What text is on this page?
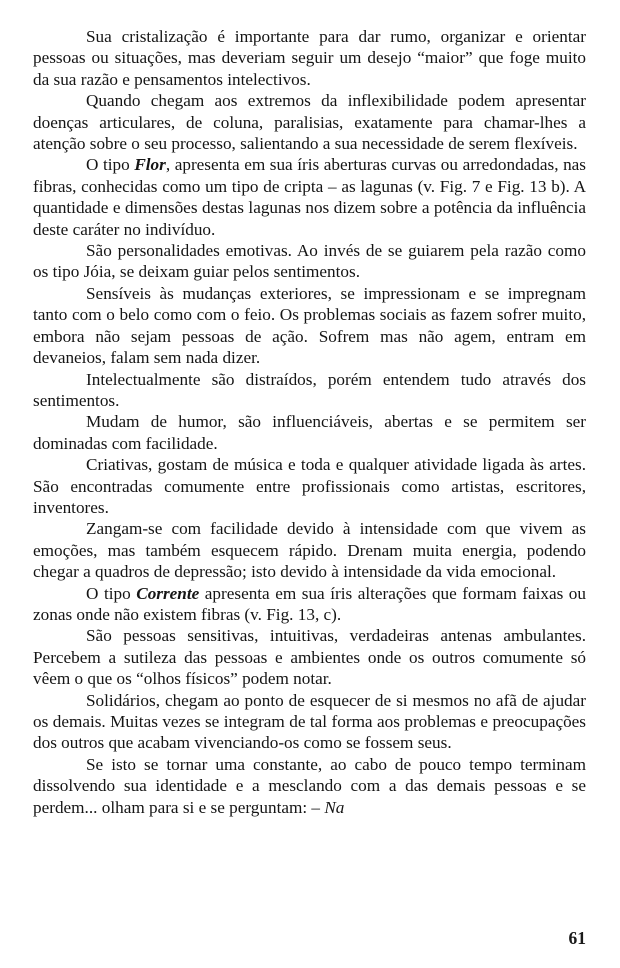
Sua cristalização é importante para dar rumo, organizar e orientar pessoas ou situações, mas deveriam seguir um desejo “maior” que foge muito da sua razão e pensamentos intelectivos.

Quando chegam aos extremos da inflexibilidade podem apresentar doenças articulares, de coluna, paralisias, exatamente para chamar-lhes a atenção sobre o seu processo, salientando a sua necessidade de serem flexíveis.

O tipo Flor, apresenta em sua íris aberturas curvas ou arredondadas, nas fibras, conhecidas como um tipo de cripta – as lagunas (v. Fig. 7 e Fig. 13 b). A quantidade e dimensões destas lagunas nos dizem sobre a potência da influência deste caráter no indivíduo.

São personalidades emotivas. Ao invés de se guiarem pela razão como os tipo Jóia, se deixam guiar pelos sentimentos.

Sensíveis às mudanças exteriores, se impressionam e se impregnam tanto com o belo como com o feio. Os problemas sociais as fazem sofrer muito, embora não sejam pessoas de ação. Sofrem mas não agem, entram em devaneios, falam sem nada dizer.

Intelectualmente são distraídos, porém entendem tudo através dos sentimentos.

Mudam de humor, são influenciáveis, abertas e se permitem ser dominadas com facilidade.

Criativas, gostam de música e toda e qualquer atividade ligada às artes. São encontradas comumente entre profissionais como artistas, escritores, inventores.

Zangam-se com facilidade devido à intensidade com que vivem as emoções, mas também esquecem rápido. Drenam muita energia, podendo chegar a quadros de depressão; isto devido à intensidade da vida emocional.

O tipo Corrente apresenta em sua íris alterações que formam faixas ou zonas onde não existem fibras (v. Fig. 13, c).

São pessoas sensitivas, intuitivas, verdadeiras antenas ambulantes. Percebem a sutileza das pessoas e ambientes onde os outros comumente só vêem o que os “olhos físicos” podem notar.

Solidários, chegam ao ponto de esquecer de si mesmos no afã de ajudar os demais. Muitas vezes se integram de tal forma aos problemas e preocupações dos outros que acabam vivenciando-os como se fossem seus.

Se isto se tornar uma constante, ao cabo de pouco tempo terminam dissolvendo sua identidade e a mesclando com a das demais pessoas e se perdem... olham para si e se perguntam: – Na

61
